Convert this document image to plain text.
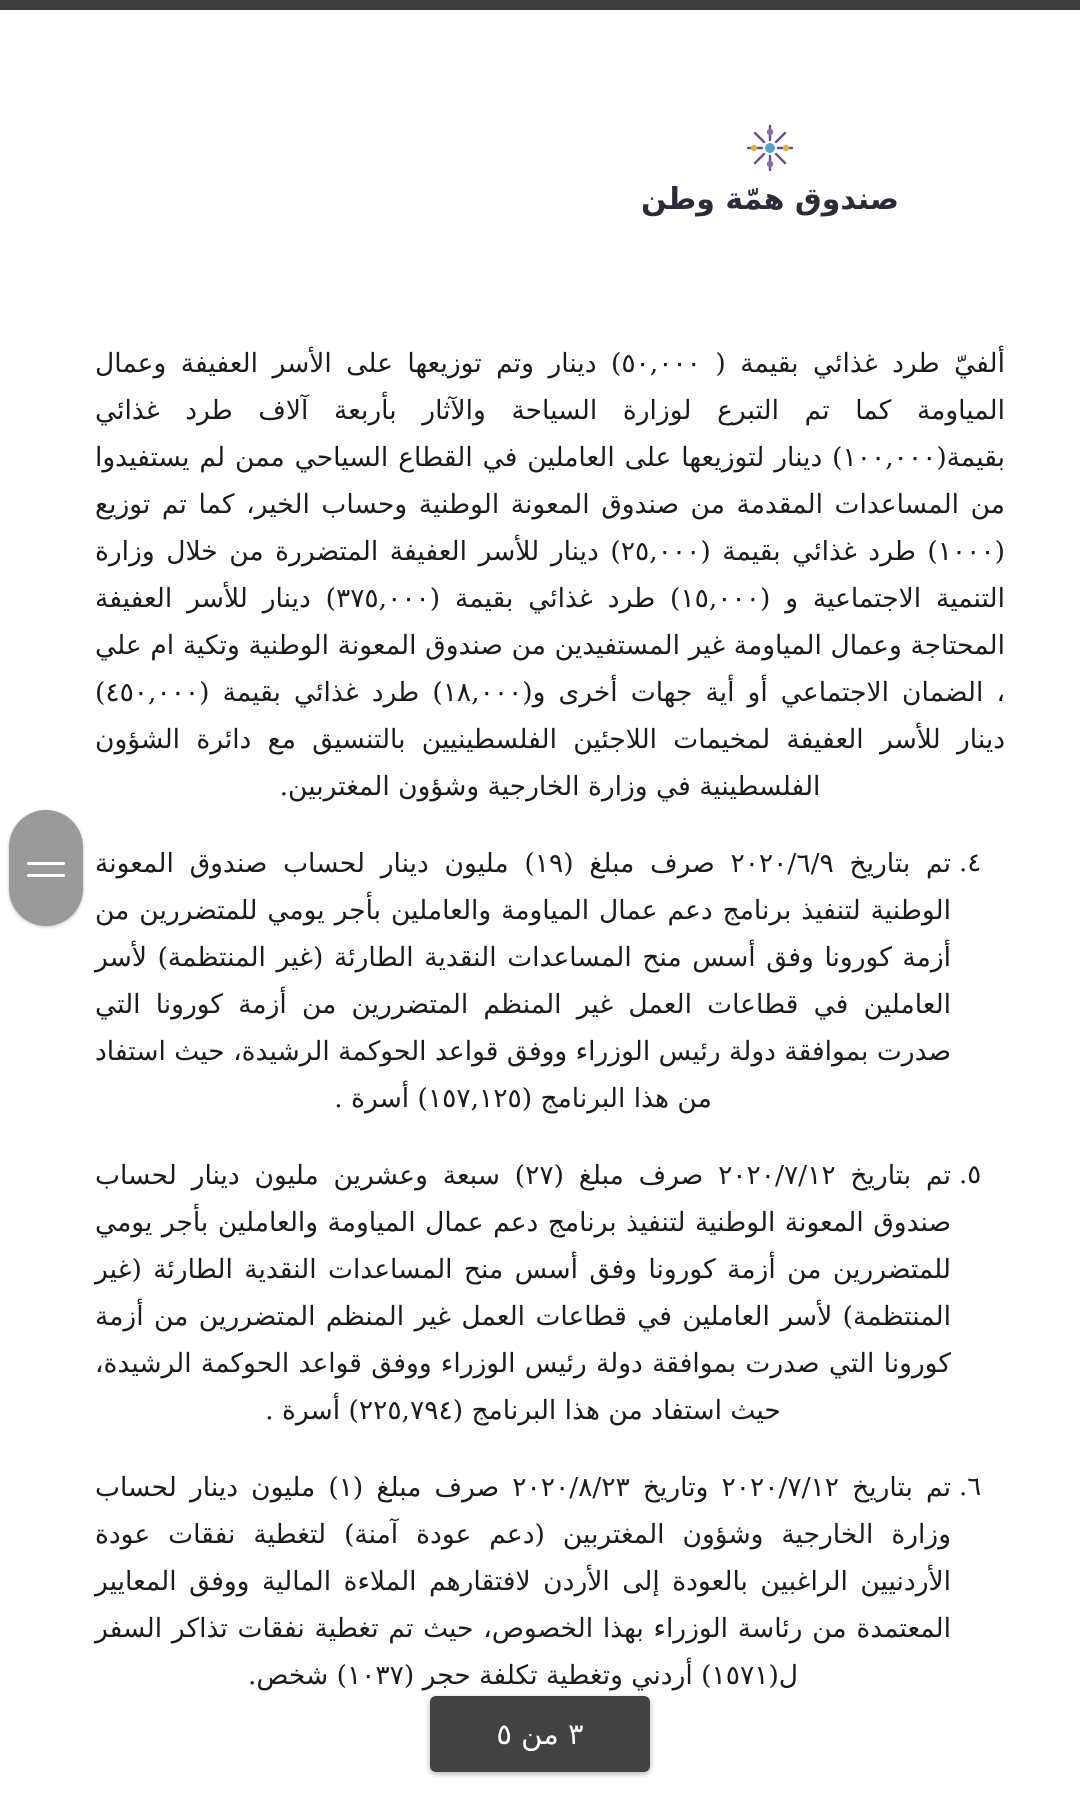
صندوق همّة وطن

ألفيّ طرد غذائي بقيمة ( ٥٠,٠٠٠) دينار وتم توزيعها على الأسر العفيفة وعمال المياومة كما تم التبرع لوزارة السياحة والآثار بأربعة آلاف طرد غذائي بقيمة(١٠٠,٠٠٠) دينار لتوزيعها على العاملين في القطاع السياحي ممن لم يستفيدوا من المساعدات المقدمة من صندوق المعونة الوطنية وحساب الخير، كما تم توزيع (١٠٠٠) طرد غذائي بقيمة (٢٥,٠٠٠) دينار للأسر العفيفة المتضررة من خلال وزارة التنمية الاجتماعية و (١٥,٠٠٠) طرد غذائي بقيمة (٣٧٥,٠٠٠) دينار للأسر العفيفة المحتاجة وعمال المياومة غير المستفيدين من صندوق المعونة الوطنية وتكية ام علي ، الضمان الاجتماعي أو أية جهات أخرى و(١٨,٠٠٠) طرد غذائي بقيمة (٤٥٠,٠٠٠) دينار للأسر العفيفة لمخيمات اللاجئين الفلسطينيين بالتنسيق مع دائرة الشؤون الفلسطينية في وزارة الخارجية وشؤون المغتربين.

٤.
تم بتاريخ ٢٠٢٠/٦/٩ صرف مبلغ (١٩) مليون دينار لحساب صندوق المعونة الوطنية لتنفيذ برنامج دعم عمال المياومة والعاملين بأجر يومي للمتضررين من أزمة كورونا وفق أسس منح المساعدات النقدية الطارئة (غير المنتظمة) لأسر العاملين في قطاعات العمل غير المنظم المتضررين من أزمة كورونا التي صدرت بموافقة دولة رئيس الوزراء ووفق قواعد الحوكمة الرشيدة، حيث استفاد من هذا البرنامج (١٥٧,١٢٥) أسرة .
٥.
تم بتاريخ ٢٠٢٠/٧/١٢ صرف مبلغ (٢٧) سبعة وعشرين مليون دينار لحساب صندوق المعونة الوطنية لتنفيذ برنامج دعم عمال المياومة والعاملين بأجر يومي للمتضررين من أزمة كورونا وفق أسس منح المساعدات النقدية الطارئة (غير المنتظمة) لأسر العاملين في قطاعات العمل غير المنظم المتضررين من أزمة كورونا التي صدرت بموافقة دولة رئيس الوزراء ووفق قواعد الحوكمة الرشيدة، حيث استفاد من هذا البرنامج (٢٢٥,٧٩٤) أسرة .
٦.
تم بتاريخ ٢٠٢٠/٧/١٢ وتاريخ ٢٠٢٠/٨/٢٣ صرف مبلغ (١) مليون دينار لحساب وزارة الخارجية وشؤون المغتربين (دعم عودة آمنة) لتغطية نفقات عودة الأردنيين الراغبين بالعودة إلى الأردن لافتقارهم الملاءة المالية ووفق المعايير المعتمدة من رئاسة الوزراء بهذا الخصوص، حيث تم تغطية نفقات تذاكر السفر ل(١٥٧١) أردني وتغطية تكلفة حجر (١٠٣٧) شخص.
٣ من ٥
